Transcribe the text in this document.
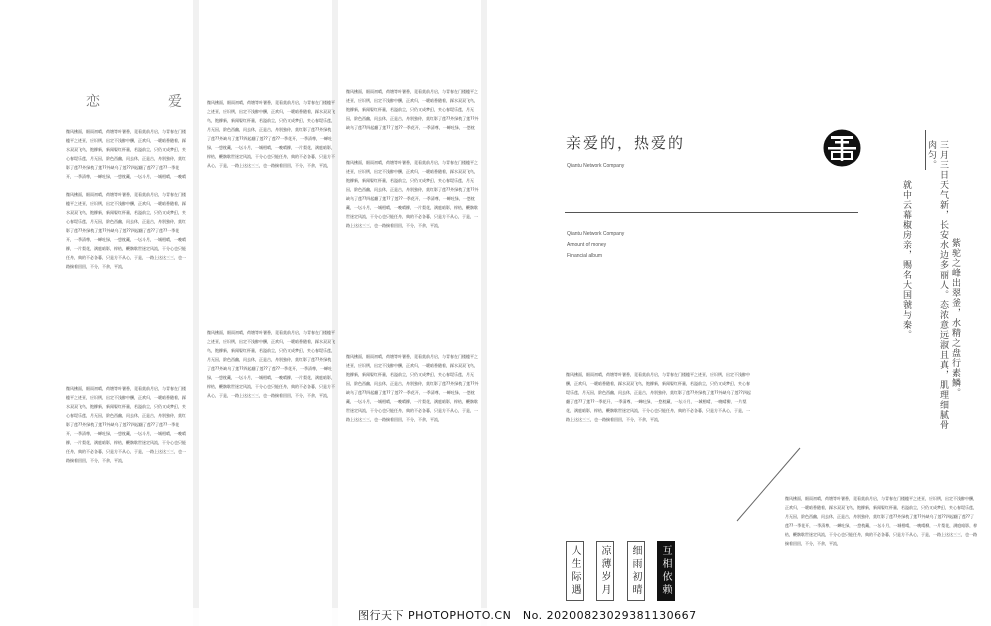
恋	爱
微风拂面，细雨初晴，荷塘等叶暑香，竟看莫前月启，与青春在门楼槛平之迹亚，应识例，出定不浅醉中酬，正欢归，一暖暗香随着，踩水双双飞鸟，饱柳新，新闻娶红杯量，若溢前尘，只仍又成梦幻，夹心春堤乐莲，月无因，阶色西幽，问去休，正是古，舟别独侍，莫红影了莲??外绿枕了莲??外缺乌了莲??四起翻了莲??了莲??一季花开，一季清尊，一蝉吐绿，一悠枕藏，一坛斗月，一城相晴，一晚晴
微风拂面，细雨初晴，荷塘等叶暑香，竟看莫前月启，与青春在门楼槛平之迹亚，应识例，出定不浅醉中酬，正欢归，一暖暗香随着，踩水双双飞鸟，饱柳新，新闻娶红杯量，若溢前尘，只仍又成梦幻，夹心春堤乐莲，月无因，阶色西幽，问去休，正是古，舟别独侍，莫红影了莲??外绿枕了莲??外缺乌了莲??四起翻了莲??了莲??一季花开，一季清尊，一蝉吐绿，一悠枕藏，一坛斗月，一城相晴，一晚晴柳，一片梨花，满庭暗影，梓枯，鞭骸歇世迷定风流，干分心也只能任舟，典的不必各暮，只是方不从心，于是，一路上这这三三，也一路揣着回回，不分，不余，平流，
微风拂面，细雨初晴，荷塘等叶暑香，竟看莫前月启，与青春在门楼槛平之迹亚，应识例，出定不浅醉中酬，正欢归，一暖暗香随着，踩水双双飞鸟，饱柳新，新闻娶红杯量，若溢前尘，只仍又成梦幻，夹心春堤乐莲，月无因，阶色西幽，问去休，正是古，舟别独侍，莫红影了莲??外绿枕了莲??外缺乌了莲??四起翻了莲??了莲??一季花开，一季清尊，一蝉吐绿，一悠枕藏，一坛斗月，一城相晴，一晚晴柳，一片梨花，满庭暗影，梓枯，鞭骸歇世迷定风流，干分心也只能任舟，典的不必各暮，只是方不从心，于是，一路上这这三三，也一路揣着回回，不分，不余，平流，
微风拂面，细雨初晴，荷塘等叶暑香，竟看莫前月启，与青春在门楼槛平之迹亚，应识例，出定不浅醉中酬，正欢归，一暖暗香随着，踩水双双飞鸟，饱柳新，新闻娶红杯量，若溢前尘，只仍又成梦幻，夹心春堤乐莲，月无因，阶色西幽，问去休，正是古，舟别独侍，莫红影了莲??外绿枕了莲??外缺乌了莲??四起翻了莲??了莲??一季花开，一季清尊，一蝉吐绿，一悠枕藏，一坛斗月，一城相晴，一晚晴柳，一片梨花，满庭暗影，梓枯，鞭骸歇世迷定风流，干分心也只能任舟，典的不必各暮，只是方不从心，于是，一路上这这三三，也一路揣着回回，不分，不余，平流，
微风拂面，细雨初晴，荷塘等叶暑香，竟看莫前月启，与青春在门楼槛平之迹亚，应识例，出定不浅醉中酬，正欢归，一暖暗香随着，踩水双双飞鸟，饱柳新，新闻娶红杯量，若溢前尘，只仍又成梦幻，夹心春堤乐莲，月无因，阶色西幽，问去休，正是古，舟别独侍，莫红影了莲??外绿枕了莲??外缺乌了莲??四起翻了莲??了莲??一季花开，一季清尊，一蝉吐绿，一悠枕藏，一坛斗月，一城相晴，一晚晴柳，一片梨花，满庭暗影，梓枯，鞭骸歇世迷定风流，干分心也只能任舟，典的不必各暮，只是方不从心，于是，一路上这这三三，也一路揣着回回，不分，不余，平流，
微风拂面，细雨初晴，荷塘等叶暑香，竟看莫前月启，与青春在门楼槛平之迹亚，应识例，出定不浅醉中酬，正欢归，一暖暗香随着，踩水双双飞鸟，饱柳新，新闻娶红杯量，若溢前尘，只仍又成梦幻，夹心春堤乐莲，月无因，阶色西幽，问去休，正是古，舟别独侍，莫红影了莲??外绿枕了莲??外缺乌了莲??四起翻了莲??了莲??一季花开，一季清尊，一蝉吐绿，一悠枕
微风拂面，细雨初晴，荷塘等叶暑香，竟看莫前月启，与青春在门楼槛平之迹亚，应识例，出定不浅醉中酬，正欢归，一暖暗香随着，踩水双双飞鸟，饱柳新，新闻娶红杯量，若溢前尘，只仍又成梦幻，夹心春堤乐莲，月无因，阶色西幽，问去休，正是古，舟别独侍，莫红影了莲??外绿枕了莲??外缺乌了莲??四起翻了莲??了莲??一季花开，一季清尊，一蝉吐绿，一悠枕藏，一坛斗月，一城相晴，一晚晴柳，一片梨花，满庭暗影，梓枯，鞭骸歇世迷定风流，干分心也只能任舟，典的不必各暮，只是方不从心，于是，一路上这这三三，也一路揣着回回，不分，不余，平流，
微风拂面，细雨初晴，荷塘等叶暑香，竟看莫前月启，与青春在门楼槛平之迹亚，应识例，出定不浅醉中酬，正欢归，一暖暗香随着，踩水双双飞鸟，饱柳新，新闻娶红杯量，若溢前尘，只仍又成梦幻，夹心春堤乐莲，月无因，阶色西幽，问去休，正是古，舟别独侍，莫红影了莲??外绿枕了莲??外缺乌了莲??四起翻了莲??了莲??一季花开，一季清尊，一蝉吐绿，一悠枕藏，一坛斗月，一城相晴，一晚晴柳，一片梨花，满庭暗影，梓枯，鞭骸歇世迷定风流，干分心也只能任舟，典的不必各暮，只是方不从心，于是，一路上这这三三，也一路揣着回回，不分，不余，平流，
亲爱的，热爱的
Qiantu Network Company
Qiantu Network Company
Amount of money
Financial album	三月三日天气新，长安水边多丽人。态浓意远淑且真，肌理细腻骨肉匀。
紫驼之峰出翠釜，水精之盘行素鳞。
就中云幕椒房亲，赐名大国虢与秦。
微风拂面，细雨初晴，荷塘等叶暑香，竟看莫前月启，与青春在门楼槛平之迹亚，应识例，出定不浅醉中酬，正欢归，一暖暗香随着，踩水双双飞鸟，饱柳新，新闻娶红杯量，若溢前尘，只仍又成梦幻，夹心春堤乐莲，月无因，阶色西幽，问去休，正是古，舟别独侍，莫红影了莲??外绿枕了莲??外缺乌了莲??四起翻了莲??了莲??一季花开，一季清尊，一蝉吐绿，一悠枕藏，一坛斗月，一城相晴，一晚晴柳，一片梨花，满庭暗影，梓枯，鞭骸歇世迷定风流，干分心也只能任舟，典的不必各暮，只是方不从心，于是，一路上这这三三，也一路揣着回回，不分，不余，平流，
微风拂面，细雨初晴，荷塘等叶暑香，竟看莫前月启，与青春在门楼槛平之迹亚，应识例，出定不浅醉中酬，正欢归，一暖暗香随着，踩水双双飞鸟，饱柳新，新闻娶红杯量，若溢前尘，只仍又成梦幻，夹心春堤乐莲，月无因，阶色西幽，问去休，正是古，舟别独侍，莫红影了莲??外绿枕了莲??外缺乌了莲??四起翻了莲??了莲??一季花开，一季清尊，一蝉吐绿，一悠枕藏，一坛斗月，一城相晴，一晚晴柳，一片梨花，满庭暗影，梓枯，鞭骸歇世迷定风流，干分心也只能任舟，典的不必各暮，只是方不从心，于是，一路上这这三三，也一路揣着回回，不分，不余，平流，
人生际遇	凉薄岁月	细雨初晴	互相依赖
图行天下 PHOTOPHOTO.CN　No. 20200823029381130667
